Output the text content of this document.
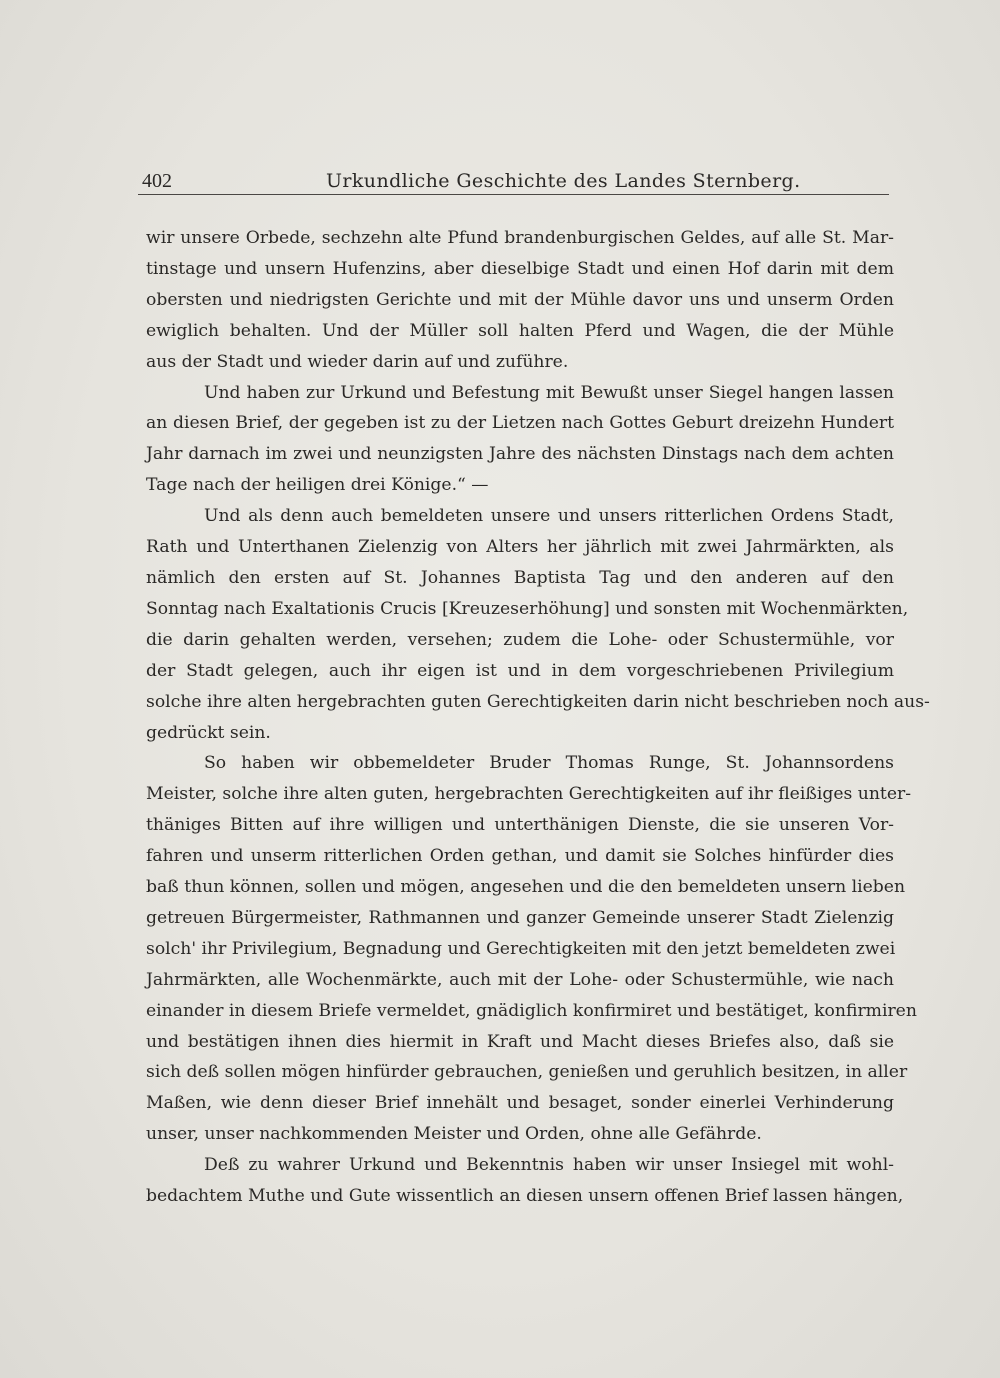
402	Urkundliche Geschichte des Landes Sternberg.

wir unsere Orbede, sechzehn alte Pfund brandenburgischen Geldes, auf alle St. Mar-
tinstage und unsern Hufenzins, aber dieselbige Stadt und einen Hof darin mit dem
obersten und niedrigsten Gerichte und mit der Mühle davor uns und unserm Orden
ewiglich behalten. Und der Müller soll halten Pferd und Wagen, die der Mühle
aus der Stadt und wieder darin auf und zuführe.

Und haben zur Urkund und Befestung mit Bewußt unser Siegel hangen lassen
an diesen Brief, der gegeben ist zu der Lietzen nach Gottes Geburt dreizehn Hundert
Jahr darnach im zwei und neunzigsten Jahre des nächsten Dinstags nach dem achten
Tage nach der heiligen drei Könige.“ —

Und als denn auch bemeldeten unsere und unsers ritterlichen Ordens Stadt,
Rath und Unterthanen Zielenzig von Alters her jährlich mit zwei Jahrmärkten, als
nämlich den ersten auf St. Johannes Baptista Tag und den anderen auf den
Sonntag nach Exaltationis Crucis [Kreuzeserhöhung] und sonsten mit Wochenmärkten,
die darin gehalten werden, versehen; zudem die Lohe- oder Schustermühle, vor
der Stadt gelegen, auch ihr eigen ist und in dem vorgeschriebenen Privilegium
solche ihre alten hergebrachten guten Gerechtigkeiten darin nicht beschrieben noch aus-
gedrückt sein.

So haben wir obbemeldeter Bruder Thomas Runge, St. Johannsordens
Meister, solche ihre alten guten, hergebrachten Gerechtigkeiten auf ihr fleißiges unter-
thäniges Bitten auf ihre willigen und unterthänigen Dienste, die sie unseren Vor-
fahren und unserm ritterlichen Orden gethan, und damit sie Solches hinfürder dies
baß thun können, sollen und mögen, angesehen und die den bemeldeten unsern lieben
getreuen Bürgermeister, Rathmannen und ganzer Gemeinde unserer Stadt Zielenzig
solch' ihr Privilegium, Begnadung und Gerechtigkeiten mit den jetzt bemeldeten zwei
Jahrmärkten, alle Wochenmärkte, auch mit der Lohe- oder Schustermühle, wie nach
einander in diesem Briefe vermeldet, gnädiglich konfirmiret und bestätiget, konfirmiren
und bestätigen ihnen dies hiermit in Kraft und Macht dieses Briefes also, daß sie
sich deß sollen mögen hinfürder gebrauchen, genießen und geruhlich besitzen, in aller
Maßen, wie denn dieser Brief innehält und besaget, sonder einerlei Verhinderung
unser, unser nachkommenden Meister und Orden, ohne alle Gefährde.

Deß zu wahrer Urkund und Bekenntnis haben wir unser Insiegel mit wohl-
bedachtem Muthe und Gute wissentlich an diesen unsern offenen Brief lassen hängen,
